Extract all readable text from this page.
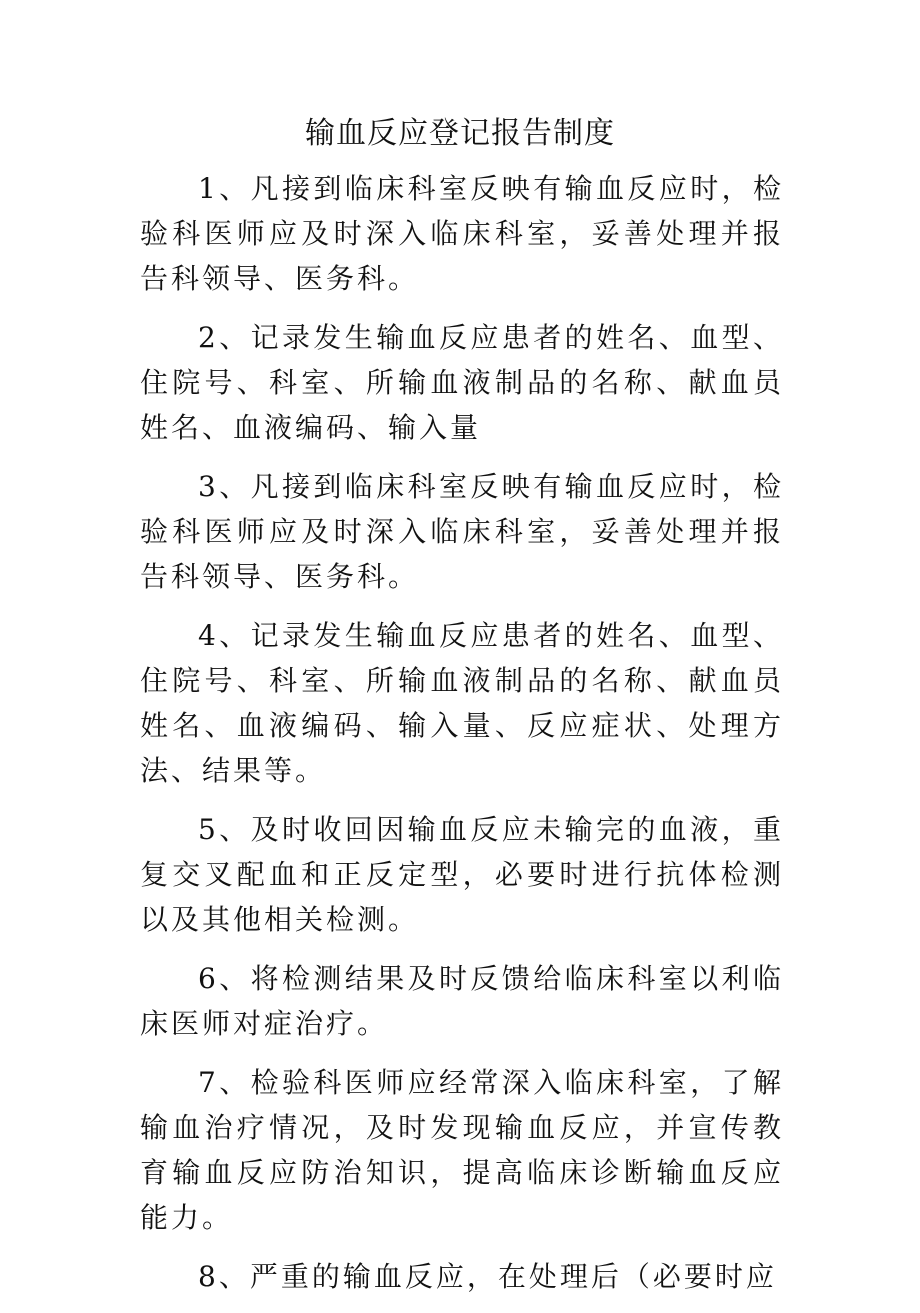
输血反应登记报告制度

1、凡接到临床科室反映有输血反应时，检验科医师应及时深入临床科室，妥善处理并报告科领导、医务科。

2、记录发生输血反应患者的姓名、血型、住院号、科室、所输血液制品的名称、献血员姓名、血液编码、输入量

3、凡接到临床科室反映有输血反应时，检验科医师应及时深入临床科室，妥善处理并报告科领导、医务科。

4、记录发生输血反应患者的姓名、血型、住院号、科室、所输血液制品的名称、献血员姓名、血液编码、输入量、反应症状、处理方法、结果等。

5、及时收回因输血反应未输完的血液，重复交叉配血和正反定型，必要时进行抗体检测以及其他相关检测。

6、将检测结果及时反馈给临床科室以利临床医师对症治疗。

7、检验科医师应经常深入临床科室，了解输血治疗情况，及时发现输血反应，并宣传教育输血反应防治知识，提高临床诊断输血反应能力。

8、严重的输血反应，在处理后（必要时应
